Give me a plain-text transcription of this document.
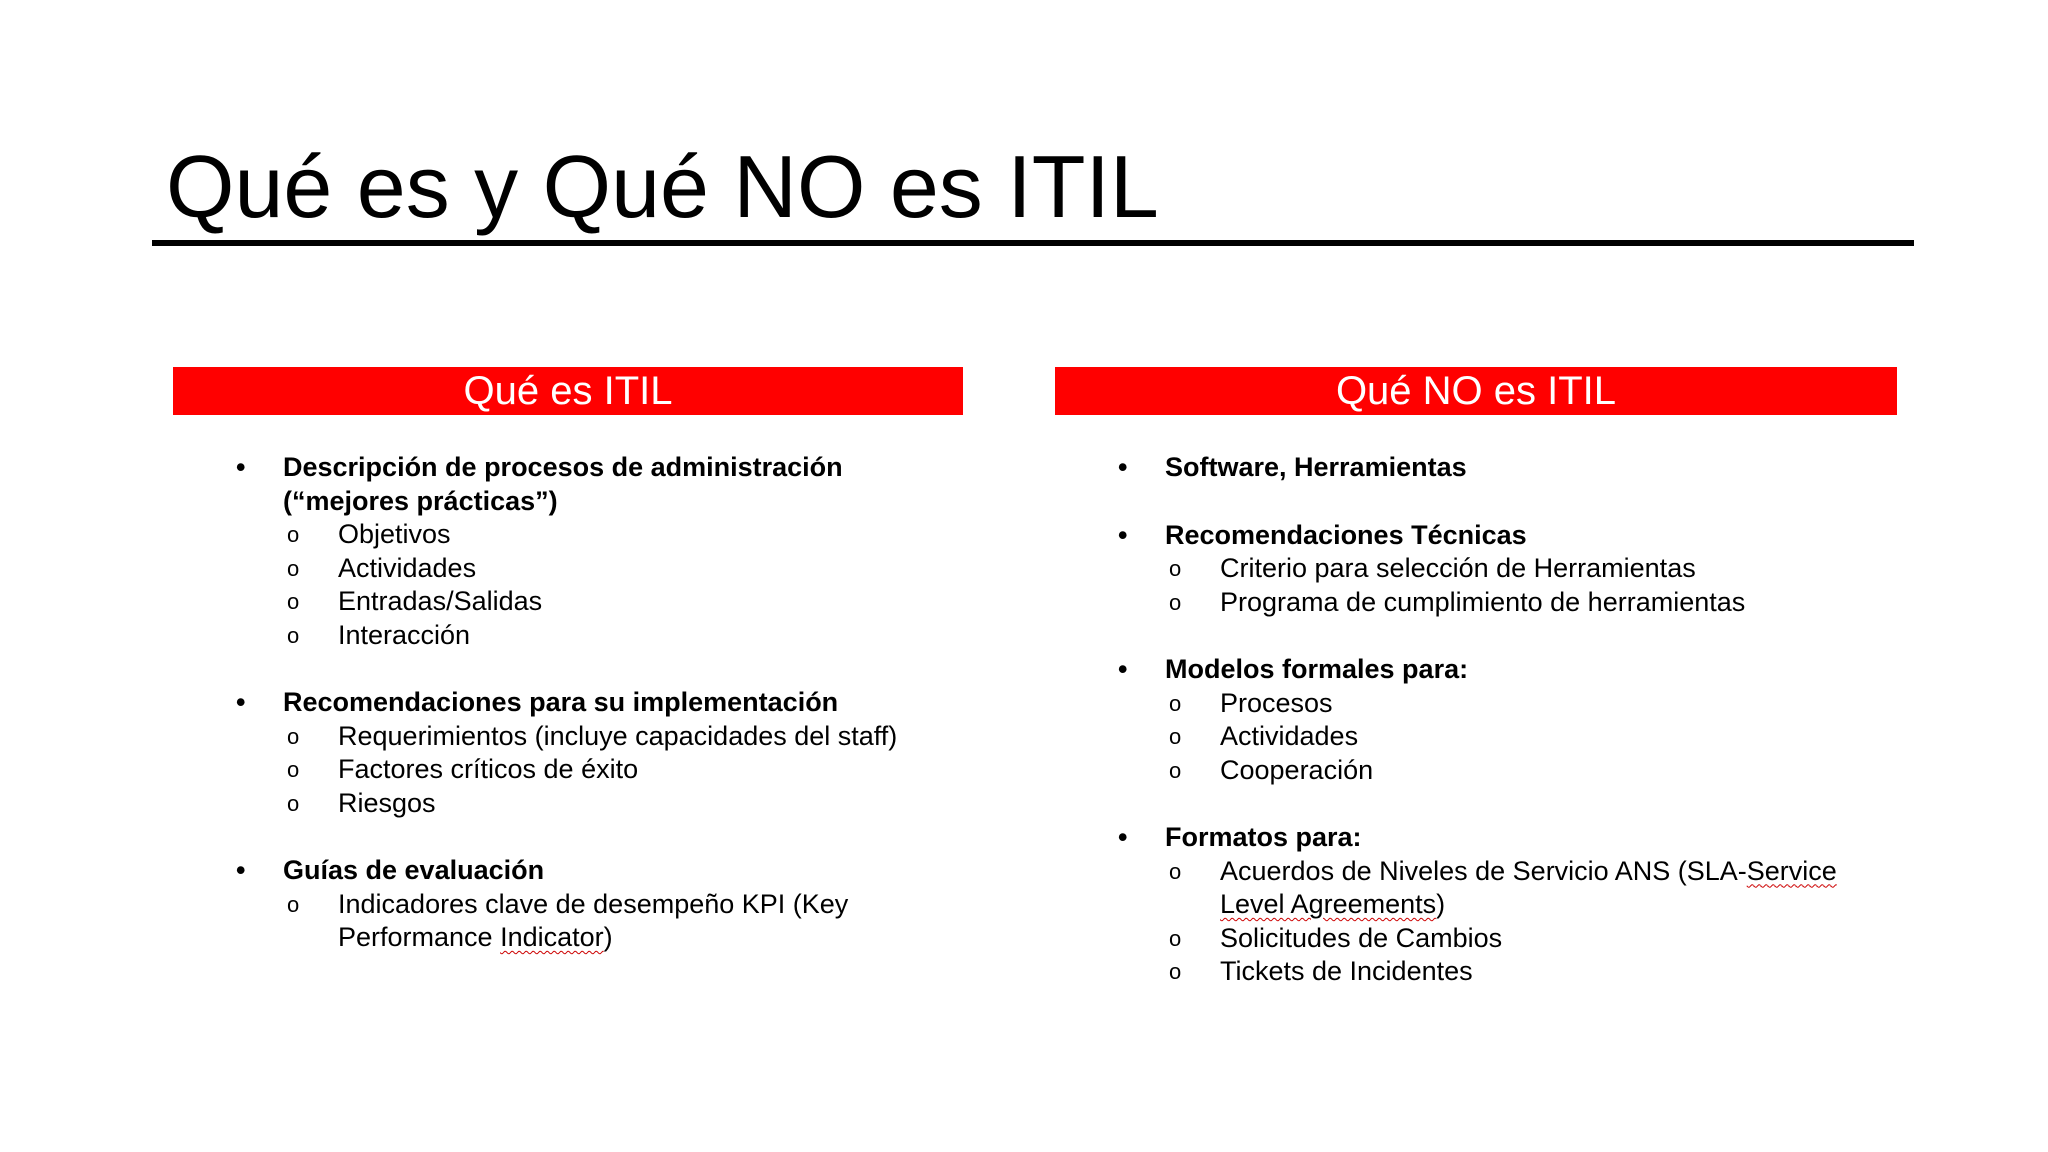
Qué es y Qué NO es ITIL
Qué es ITIL
•	Descripción de procesos de administración (“mejores prácticas”)
o Objetivos
o Actividades
o Entradas/Salidas
o Interacción
•	Recomendaciones para su implementación
o Requerimientos (incluye capacidades del staff)
o Factores críticos de éxito
o Riesgos
•	Guías de evaluación
o Indicadores clave de desempeño KPI (Key Performance Indicator)
Qué NO es ITIL
•	Software, Herramientas
•	Recomendaciones Técnicas
o Criterio para selección de Herramientas
o Programa de cumplimiento de herramientas
•	Modelos formales para:
o Procesos
o Actividades
o Cooperación
•	Formatos para:
o Acuerdos de Niveles de Servicio ANS (SLA-Service Level Agreements)
o Solicitudes de Cambios
o Tickets de Incidentes
